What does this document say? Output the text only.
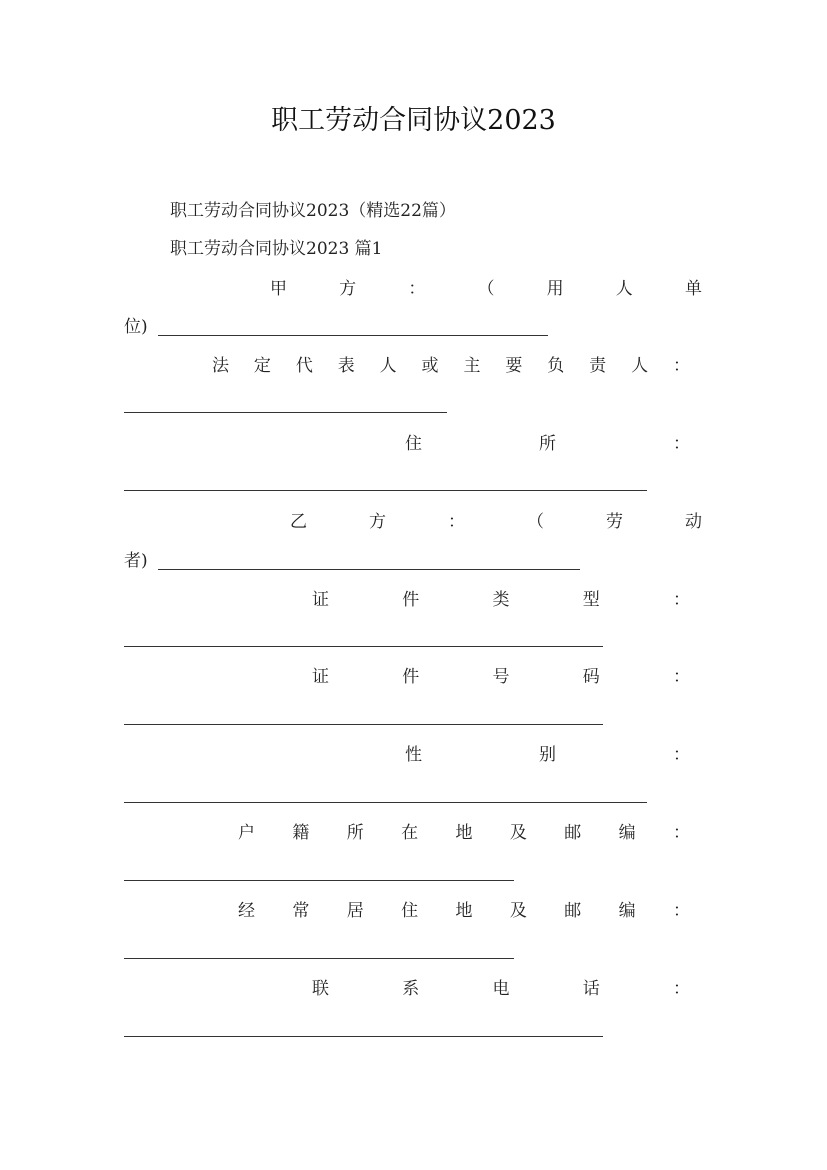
职工劳动合同协议2023
职工劳动合同协议2023（精选22篇）
职工劳动合同协议2023 篇1
甲	方	：	（	用	人	单
位)
法 定 代 表 人 或 主 要 负 责 人 ：
住	所	：
乙	方	：	（	劳	动
者)
证	件	类	型	：
证	件	号	码	：
性	别	：
户 籍 所 在 地 及 邮 编 ：
经 常 居 住 地 及 邮 编 ：
联	系	电	话	：
